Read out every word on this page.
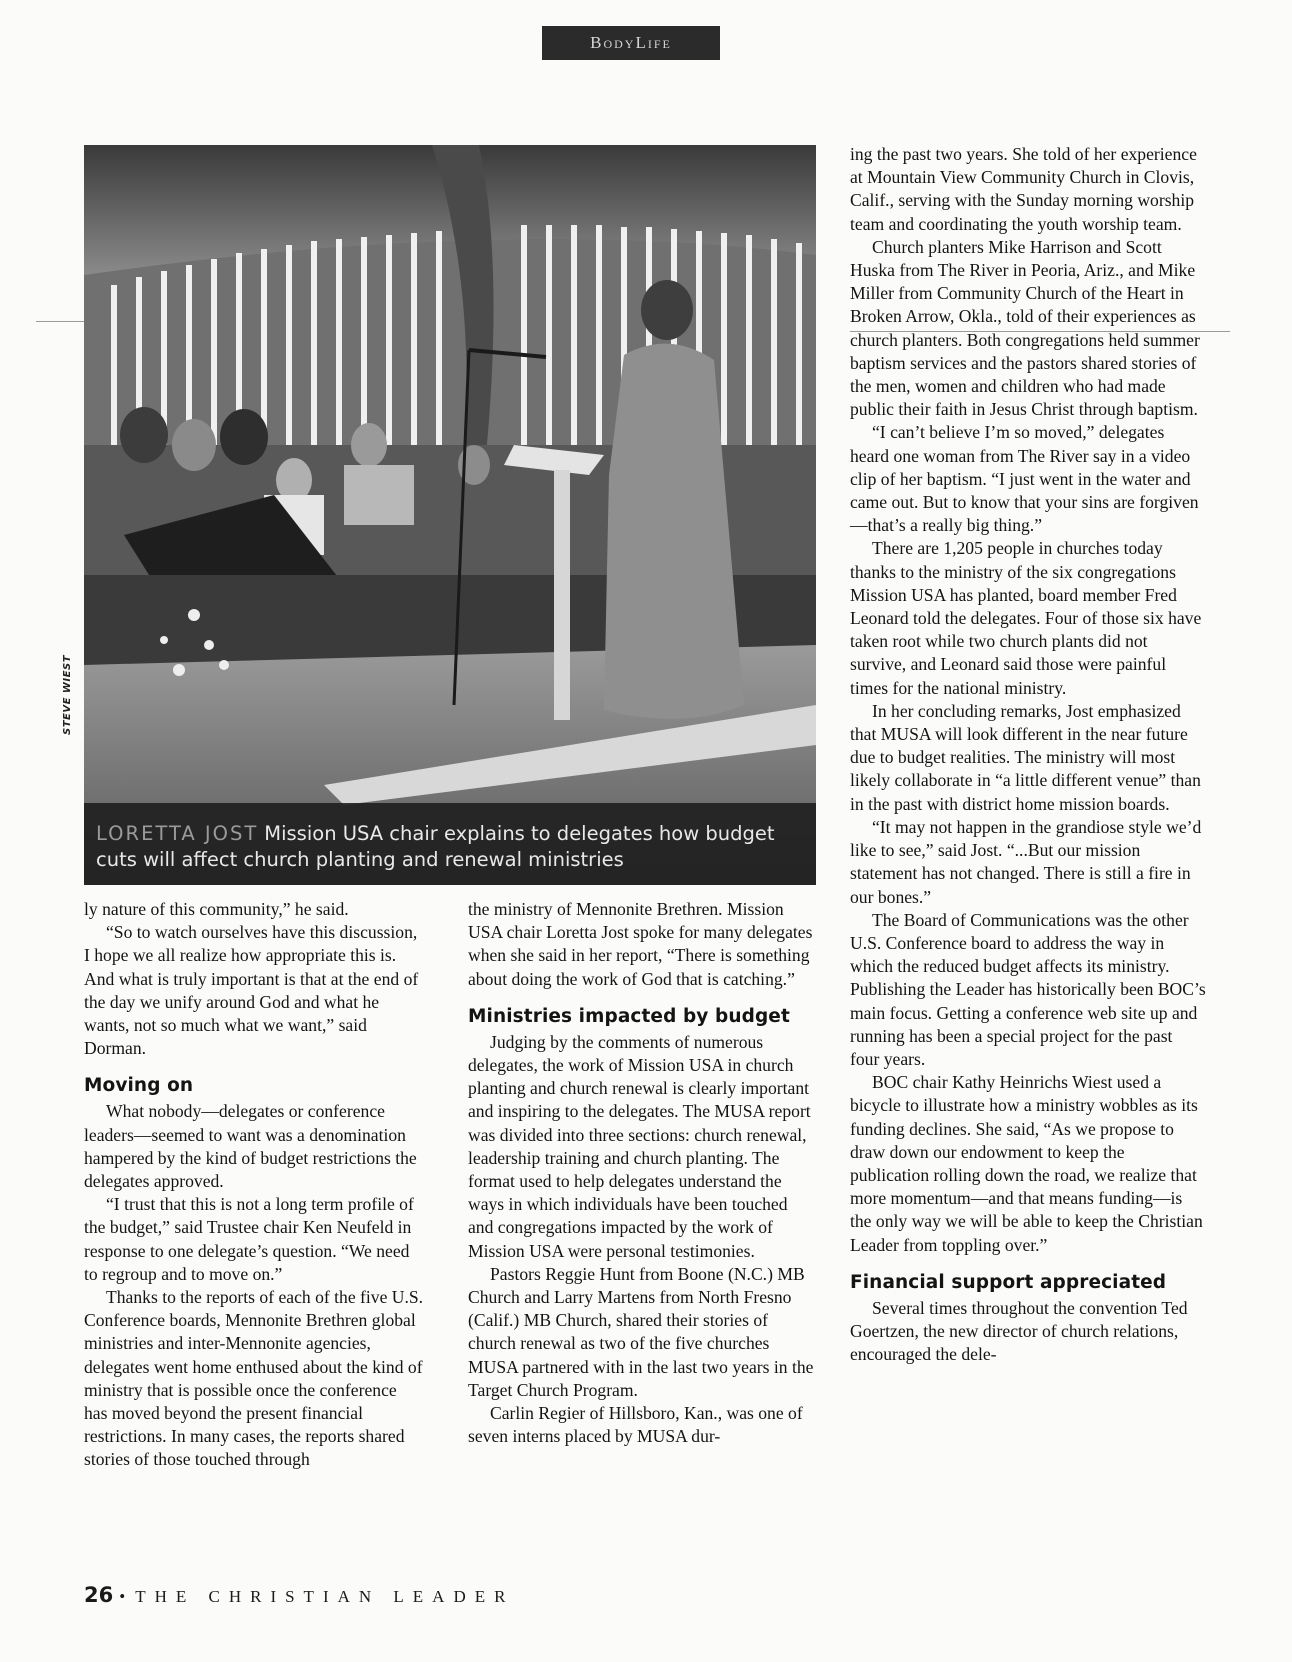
BodyLife
STEVE WIEST
LORETTA JOST Mission USA chair explains to delegates how budget cuts will affect church planting and renewal ministries

ly nature of this community,” he said.

“So to watch ourselves have this discussion, I hope we all realize how appropriate this is. And what is truly important is that at the end of the day we unify around God and what he wants, not so much what we want,” said Dorman.

Moving on

What nobody—delegates or conference leaders—seemed to want was a denomination hampered by the kind of budget restrictions the delegates approved.

“I trust that this is not a long term profile of the budget,” said Trustee chair Ken Neufeld in response to one delegate’s question. “We need to regroup and to move on.”

Thanks to the reports of each of the five U.S. Conference boards, Mennonite Brethren global ministries and inter-Mennonite agencies, delegates went home enthused about the kind of ministry that is possible once the conference has moved beyond the present financial restrictions. In many cases, the reports shared stories of those touched through

the ministry of Mennonite Brethren. Mission USA chair Loretta Jost spoke for many delegates when she said in her report, “There is something about doing the work of God that is catching.”

Ministries impacted by budget

Judging by the comments of numerous delegates, the work of Mission USA in church planting and church renewal is clearly important and inspiring to the delegates. The MUSA report was divided into three sections: church renewal, leadership training and church planting. The format used to help delegates understand the ways in which individuals have been touched and congregations impacted by the work of Mission USA were personal testimonies.

Pastors Reggie Hunt from Boone (N.C.) MB Church and Larry Martens from North Fresno (Calif.) MB Church, shared their stories of church renewal as two of the five churches MUSA partnered with in the last two years in the Target Church Program.

Carlin Regier of Hillsboro, Kan., was one of seven interns placed by MUSA dur-

ing the past two years. She told of her experience at Mountain View Community Church in Clovis, Calif., serving with the Sunday morning worship team and coordinating the youth worship team.

Church planters Mike Harrison and Scott Huska from The River in Peoria, Ariz., and Mike Miller from Community Church of the Heart in Broken Arrow, Okla., told of their experiences as church planters. Both congregations held summer baptism services and the pastors shared stories of the men, women and children who had made public their faith in Jesus Christ through baptism.

“I can’t believe I’m so moved,” delegates heard one woman from The River say in a video clip of her baptism. “I just went in the water and came out. But to know that your sins are forgiven—that’s a really big thing.”

There are 1,205 people in churches today thanks to the ministry of the six congregations Mission USA has planted, board member Fred Leonard told the delegates. Four of those six have taken root while two church plants did not survive, and Leonard said those were painful times for the national ministry.

In her concluding remarks, Jost emphasized that MUSA will look different in the near future due to budget realities. The ministry will most likely collaborate in “a little different venue” than in the past with district home mission boards.

“It may not happen in the grandiose style we’d like to see,” said Jost. “...But our mission statement has not changed. There is still a fire in our bones.”

The Board of Communications was the other U.S. Conference board to address the way in which the reduced budget affects its ministry. Publishing the Leader has historically been BOC’s main focus. Getting a conference web site up and running has been a special project for the past four years.

BOC chair Kathy Heinrichs Wiest used a bicycle to illustrate how a ministry wobbles as its funding declines. She said, “As we propose to draw down our endowment to keep the publication rolling down the road, we realize that more momentum—and that means funding—is the only way we will be able to keep the Christian Leader from toppling over.”

Financial support appreciated

Several times throughout the convention Ted Goertzen, the new director of church relations, encouraged the dele-

26 • THE CHRISTIAN LEADER
